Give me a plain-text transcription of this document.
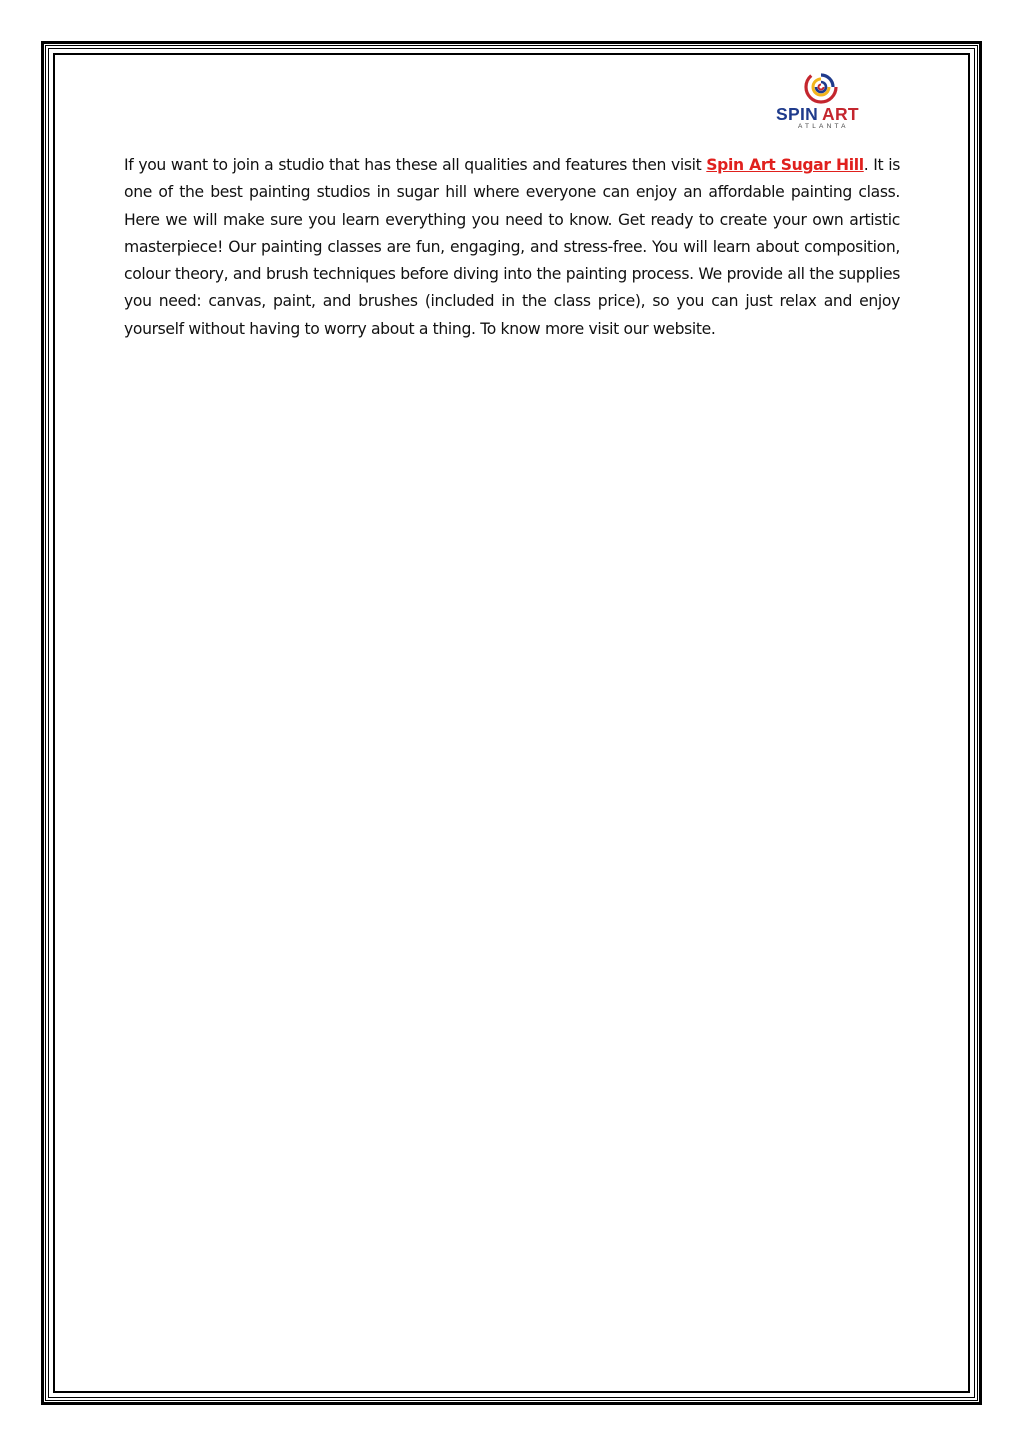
SPIN ART
ATLANTA

If you want to join a studio that has these all qualities and features then visit Spin Art Sugar Hill. It is one of the best painting studios in sugar hill where everyone can enjoy an affordable painting class. Here we will make sure you learn everything you need to know. Get ready to create your own artistic masterpiece! Our painting classes are fun, engaging, and stress-free. You will learn about composition, colour theory, and brush techniques before diving into the painting process. We provide all the supplies you need: canvas, paint, and brushes (included in the class price), so you can just relax and enjoy yourself without having to worry about a thing. To know more visit our website.
